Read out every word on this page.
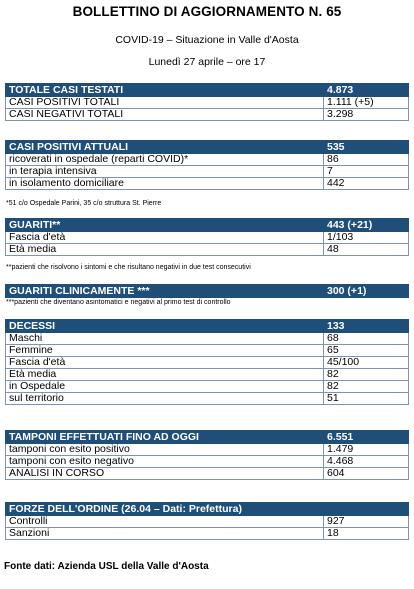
BOLLETTINO DI AGGIORNAMENTO N. 65
COVID-19 – Situazione in Valle d'Aosta
Lunedì 27 aprile – ore 17
TOTALE CASI TESTATI	4.873
CASI POSITIVI TOTALI	1.111 (+5)
CASI NEGATIVI TOTALI	3.298
CASI POSITIVI ATTUALI	535
ricoverati in ospedale (reparti COVID)*	86
in terapia intensiva	7
in isolamento domiciliare	442
*51 c/o Ospedale Parini, 35 c/o struttura St. Pierre
GUARITI**	443 (+21)
Fascia d'età	1/103
Età media	48
**pazienti che risolvono i sintomi e che risultano negativi in due test consecutivi
GUARITI CLINICAMENTE ***	300 (+1)
***pazienti che diventano asintomatici e negativi al primo test di controllo
DECESSI	133
Maschi	68
Femmine	65
Fascia d'età	45/100
Età media	82
in Ospedale	82
sul territorio	51
TAMPONI EFFETTUATI FINO AD OGGI	6.551
tamponi con esito positivo	1.479
tamponi con esito negativo	4.468
ANALISI IN CORSO	604
FORZE DELL'ORDINE (26.04 – Dati: Prefettura)	
Controlli	927
Sanzioni	18
Fonte dati: Azienda USL della Valle d'Aosta
